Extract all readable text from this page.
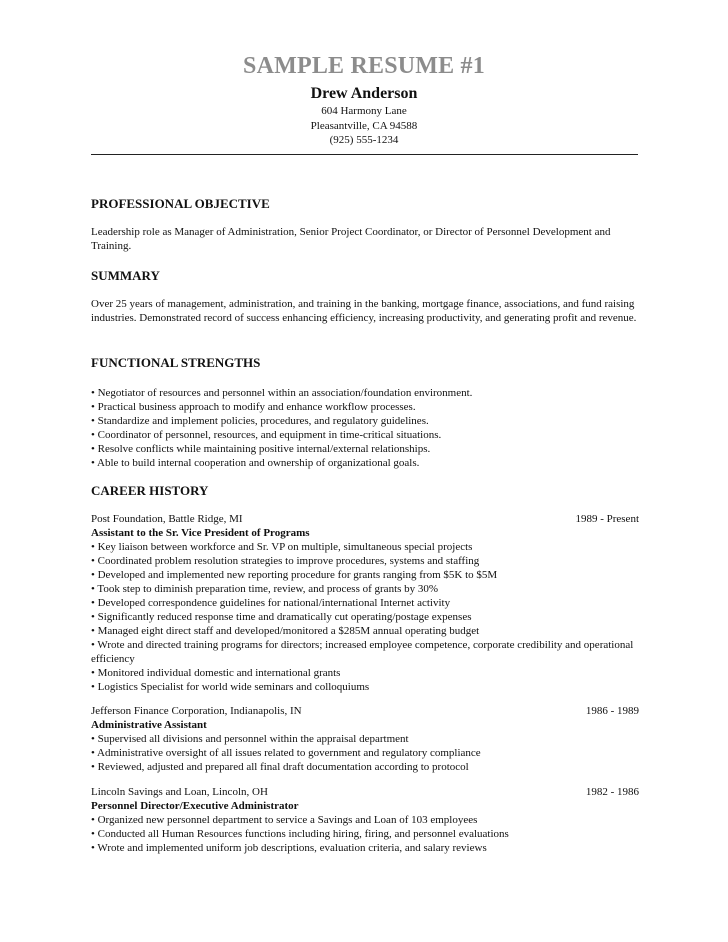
SAMPLE RESUME #1
Drew Anderson
604 Harmony Lane
Pleasantville, CA 94588
(925) 555-1234
PROFESSIONAL OBJECTIVE
Leadership role as Manager of Administration, Senior Project Coordinator, or Director of Personnel Development and Training.
SUMMARY
Over 25 years of management, administration, and training in the banking, mortgage finance, associations, and fund raising industries. Demonstrated record of success enhancing efficiency, increasing productivity, and generating profit and revenue.
FUNCTIONAL STRENGTHS
• Negotiator of resources and personnel within an association/foundation environment.
• Practical business approach to modify and enhance workflow processes.
• Standardize and implement policies, procedures, and regulatory guidelines.
• Coordinator of personnel, resources, and equipment in time-critical situations.
• Resolve conflicts while maintaining positive internal/external relationships.
• Able to build internal cooperation and ownership of organizational goals.
CAREER HISTORY
Post Foundation, Battle Ridge, MI	1989 - Present
Assistant to the Sr. Vice President of Programs
• Key liaison between workforce and Sr. VP on multiple, simultaneous special projects
• Coordinated problem resolution strategies to improve procedures, systems and staffing
• Developed and implemented new reporting procedure for grants ranging from $5K to $5M
• Took step to diminish preparation time, review, and process of grants by 30%
• Developed correspondence guidelines for national/international Internet activity
• Significantly reduced response time and dramatically cut operating/postage expenses
• Managed eight direct staff and developed/monitored a $285M annual operating budget
• Wrote and directed training programs for directors; increased employee competence, corporate credibility and operational efficiency
• Monitored individual domestic and international grants
• Logistics Specialist for world wide seminars and colloquiums
Jefferson Finance Corporation, Indianapolis, IN	1986 - 1989
Administrative Assistant
• Supervised all divisions and personnel within the appraisal department
• Administrative oversight of all issues related to government and regulatory compliance
• Reviewed, adjusted and prepared all final draft documentation according to protocol
Lincoln Savings and Loan, Lincoln, OH	1982 - 1986
Personnel Director/Executive Administrator
• Organized new personnel department to service a Savings and Loan of 103 employees
• Conducted all Human Resources functions including hiring, firing, and personnel evaluations
• Wrote and implemented uniform job descriptions, evaluation criteria, and salary reviews
